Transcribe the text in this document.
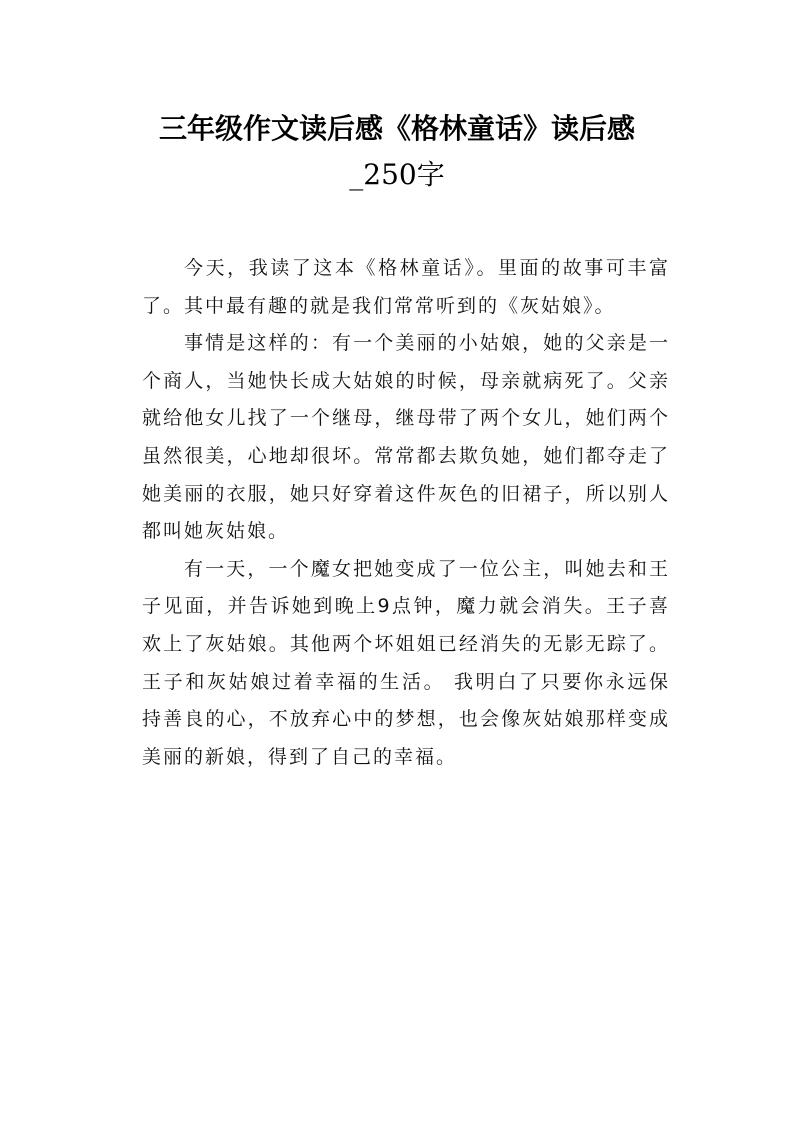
三年级作文读后感《格林童话》读后感
_250字

今天，我读了这本《格林童话》。里面的故事可丰富了。其中最有趣的就是我们常常听到的《灰姑娘》。

事情是这样的：有一个美丽的小姑娘，她的父亲是一个商人，当她快长成大姑娘的时候，母亲就病死了。父亲就给他女儿找了一个继母，继母带了两个女儿，她们两个虽然很美，心地却很坏。常常都去欺负她，她们都夺走了她美丽的衣服，她只好穿着这件灰色的旧裙子，所以别人都叫她灰姑娘。

有一天，一个魔女把她变成了一位公主，叫她去和王子见面，并告诉她到晚上9点钟，魔力就会消失。王子喜欢上了灰姑娘。其他两个坏姐姐已经消失的无影无踪了。王子和灰姑娘过着幸福的生活。 我明白了只要你永远保持善良的心，不放弃心中的梦想，也会像灰姑娘那样变成美丽的新娘，得到了自己的幸福。
